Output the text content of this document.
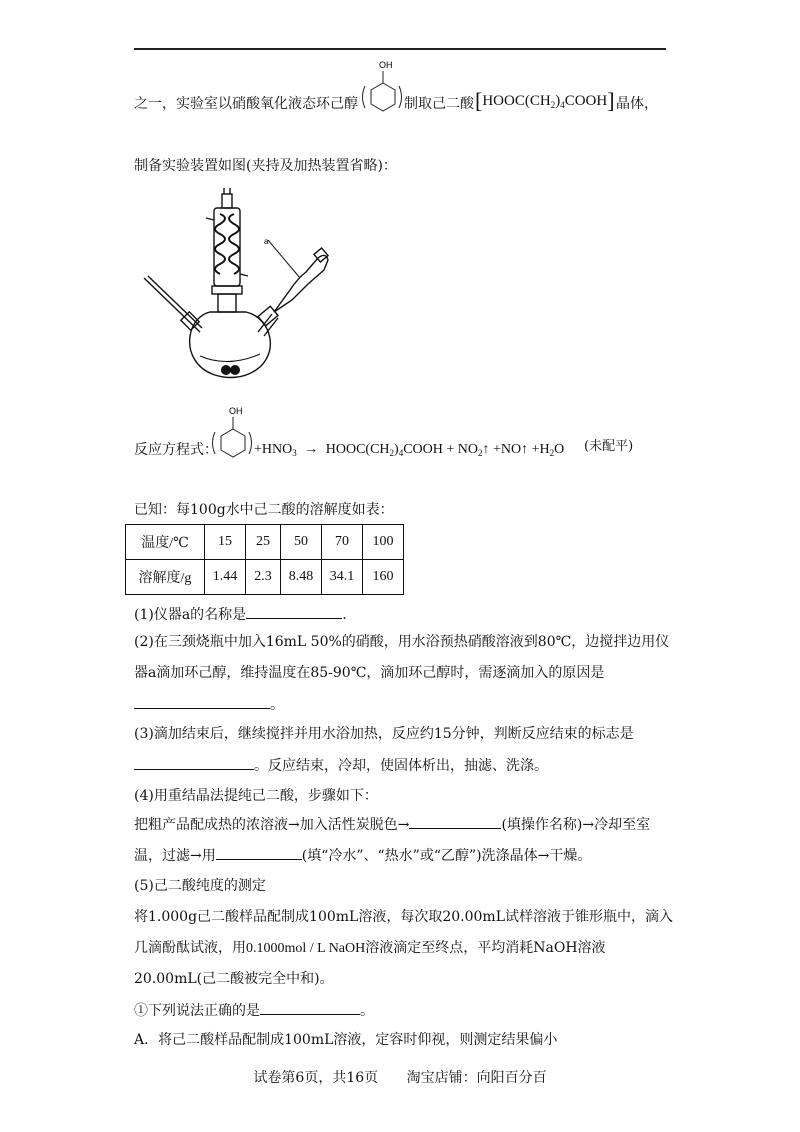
之一，实验室以硝酸氧化液态环己醇
OH
制取己二酸 $[HOOC(CH_2)_4COOH]$ 晶体，
制备实验装置如图(夹持及加热装置省略)：
a
反应方程式：
OH
$+HNO_3$ → $HOOC(CH_2)_4COOH$ + $NO_2↑$ +NO↑ $+H_2O$ (未配平)
已知：每100g水中己二酸的溶解度如表：
温度/℃	15	25	50	70	100
溶解度/g	1.44	2.3	8.48	34.1	160
(1)仪器a的名称是	.
(2)在三颈烧瓶中加入16mL 50%的硝酸，用水浴预热硝酸溶液到80℃，边搅拌边用仪
器a滴加环己醇，维持温度在85-90℃，滴加环己醇时，需逐滴加入的原因是
。
(3)滴加结束后，继续搅拌并用水浴加热，反应约15分钟，判断反应结束的标志是
。反应结束，冷却，使固体析出，抽滤、洗涤。
(4)用重结晶法提纯己二酸，步骤如下：
把粗产品配成热的浓溶液→加入活性炭脱色→	(填操作名称)→冷却至室
温，过滤→用	(填“冷水”、“热水”或“乙醇”)洗涤晶体→干燥。
(5)己二酸纯度的测定
将1.000g己二酸样品配制成100mL溶液，每次取20.00mL试样溶液于锥形瓶中，滴入
几滴酚酞试液，用0.1000mol / L NaOH溶液滴定至终点，平均消耗NaOH溶液
20.00mL(己二酸被完全中和)。
①下列说法正确的是	。
A．将己二酸样品配制成100mL溶液，定容时仰视，则测定结果偏小
试卷第6页，共16页 淘宝店铺：向阳百分百
